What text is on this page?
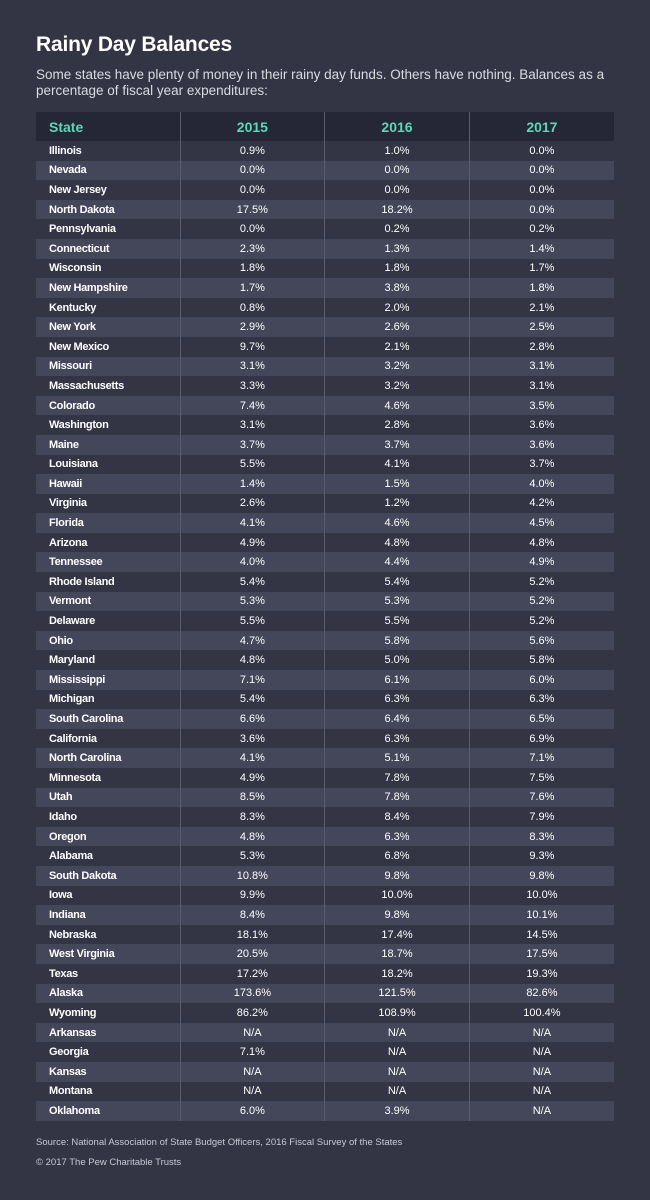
Rainy Day Balances
Some states have plenty of money in their rainy day funds. Others have nothing. Balances as a percentage of fiscal year expenditures:
State	2015	2016	2017
Illinois	0.9%	1.0%	0.0%
Nevada	0.0%	0.0%	0.0%
New Jersey	0.0%	0.0%	0.0%
North Dakota	17.5%	18.2%	0.0%
Pennsylvania	0.0%	0.2%	0.2%
Connecticut	2.3%	1.3%	1.4%
Wisconsin	1.8%	1.8%	1.7%
New Hampshire	1.7%	3.8%	1.8%
Kentucky	0.8%	2.0%	2.1%
New York	2.9%	2.6%	2.5%
New Mexico	9.7%	2.1%	2.8%
Missouri	3.1%	3.2%	3.1%
Massachusetts	3.3%	3.2%	3.1%
Colorado	7.4%	4.6%	3.5%
Washington	3.1%	2.8%	3.6%
Maine	3.7%	3.7%	3.6%
Louisiana	5.5%	4.1%	3.7%
Hawaii	1.4%	1.5%	4.0%
Virginia	2.6%	1.2%	4.2%
Florida	4.1%	4.6%	4.5%
Arizona	4.9%	4.8%	4.8%
Tennessee	4.0%	4.4%	4.9%
Rhode Island	5.4%	5.4%	5.2%
Vermont	5.3%	5.3%	5.2%
Delaware	5.5%	5.5%	5.2%
Ohio	4.7%	5.8%	5.6%
Maryland	4.8%	5.0%	5.8%
Mississippi	7.1%	6.1%	6.0%
Michigan	5.4%	6.3%	6.3%
South Carolina	6.6%	6.4%	6.5%
California	3.6%	6.3%	6.9%
North Carolina	4.1%	5.1%	7.1%
Minnesota	4.9%	7.8%	7.5%
Utah	8.5%	7.8%	7.6%
Idaho	8.3%	8.4%	7.9%
Oregon	4.8%	6.3%	8.3%
Alabama	5.3%	6.8%	9.3%
South Dakota	10.8%	9.8%	9.8%
Iowa	9.9%	10.0%	10.0%
Indiana	8.4%	9.8%	10.1%
Nebraska	18.1%	17.4%	14.5%
West Virginia	20.5%	18.7%	17.5%
Texas	17.2%	18.2%	19.3%
Alaska	173.6%	121.5%	82.6%
Wyoming	86.2%	108.9%	100.4%
Arkansas	N/A	N/A	N/A
Georgia	7.1%	N/A	N/A
Kansas	N/A	N/A	N/A
Montana	N/A	N/A	N/A
Oklahoma	6.0%	3.9%	N/A
Source: National Association of State Budget Officers, 2016 Fiscal Survey of the States
© 2017 The Pew Charitable Trusts
